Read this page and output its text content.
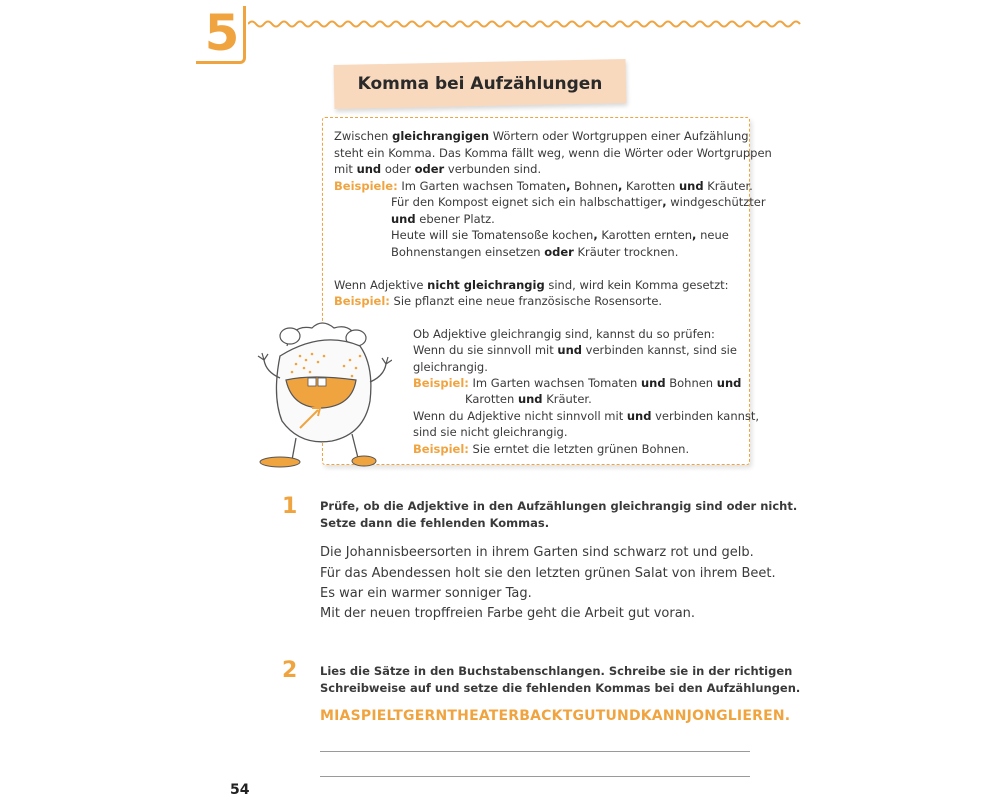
5
Komma bei Aufzählungen
Zwischen gleichrangigen Wörtern oder Wortgruppen einer Aufzählung
steht ein Komma. Das Komma fällt weg, wenn die Wörter oder Wortgruppen
mit und oder oder verbunden sind.
Beispiele: Im Garten wachsen Tomaten, Bohnen, Karotten und Kräuter.
Für den Kompost eignet sich ein halbschattiger, windgeschützter
und ebener Platz.
Heute will sie Tomatensoße kochen, Karotten ernten, neue
Bohnenstangen einsetzen oder Kräuter trocknen.
Wenn Adjektive nicht gleichrangig sind, wird kein Komma gesetzt:
Beispiel: Sie pflanzt eine neue französische Rosensorte.
Ob Adjektive gleichrangig sind, kannst du so prüfen:
Wenn du sie sinnvoll mit und verbinden kannst, sind sie
gleichrangig.
Beispiel: Im Garten wachsen Tomaten und Bohnen und
Karotten und Kräuter.
Wenn du Adjektive nicht sinnvoll mit und verbinden kannst,
sind sie nicht gleichrangig.
Beispiel: Sie erntet die letzten grünen Bohnen.
1 Prüfe, ob die Adjektive in den Aufzählungen gleichrangig sind oder nicht.
Setze dann die fehlenden Kommas.
Die Johannisbeersorten in ihrem Garten sind schwarz rot und gelb.
Für das Abendessen holt sie den letzten grünen Salat von ihrem Beet.
Es war ein warmer sonniger Tag.
Mit der neuen tropffreien Farbe geht die Arbeit gut voran.
2 Lies die Sätze in den Buchstabenschlangen. Schreibe sie in der richtigen
Schreibweise auf und setze die fehlenden Kommas bei den Aufzählungen.
MIASPIELTGERNTHEATERBACKTGUTUNDKANNJONGLIEREN.
54
